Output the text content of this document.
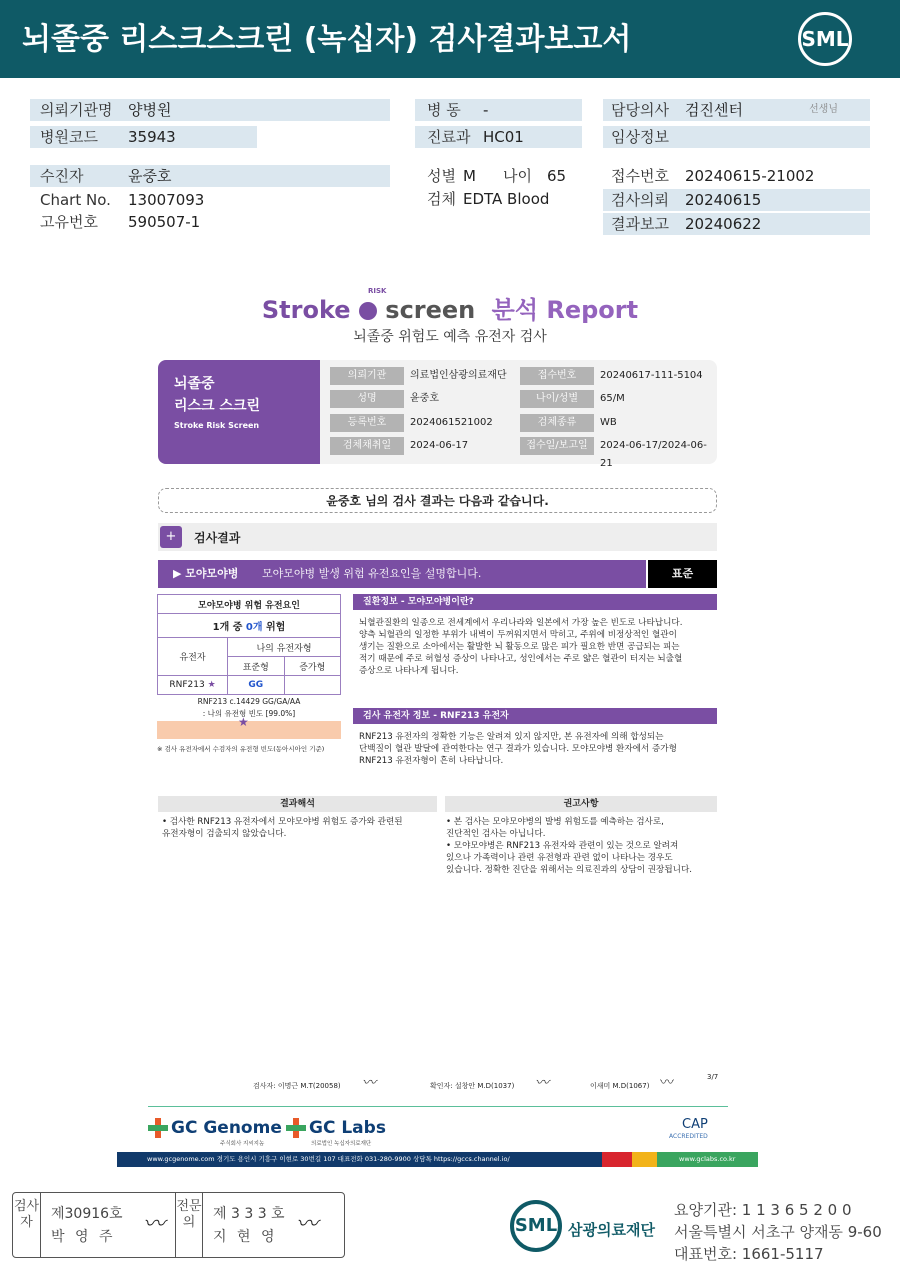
뇌졸중 리스크스크린 (녹십자) 검사결과보고서	SML
의뢰기관명 양병원
병원코드 35943
수진자	윤중호
Chart No. 13007093
고유번호 590507-1
병 동 -
진료과 HC01
성별 M 나이 65
검체 EDTA Blood
담당의사 검진센터	선생님
임상정보
접수번호 20240615-21002
검사의뢰 20240615
결과보고 20240622
Stroke screen 분석 Report
RISK
뇌졸중 위험도 예측 유전자 검사
뇌졸중
리스크 스크린
Stroke Risk Screen
의뢰기관	의료법인삼광의료재단	접수번호	20240617-111-5104
성명	윤중호	나이/성별	65/M
등록번호	2024061521002	검체종류	WB
검체채취일	2024-06-17	접수일/보고일	2024-06-17/2024-06-21
윤중호 님의 검사 결과는 다음과 같습니다.
+	검사결과
▶ 모야모야병 모야모야병 발생 위험 유전요인을 설명합니다.	표준
모야모야병 위험 유전요인		
1개 중 0개 위험		
유전자	나의 유전자형	
	표준형	증가형
RNF213 ★	GG	
RNF213 c.14429 GG/GA/AA
: 나의 유전형 빈도 [99.0%]
★
※ 검사 유전자에서 수검자의 유전형 빈도(동아시아인 기준)
질환정보 - 모야모야병이란?
뇌혈관질환의 일종으로 전세계에서 우리나라와 일본에서 가장 높은 빈도로 나타납니다.
양측 뇌혈관의 일정한 부위가 내벽이 두꺼워지면서 막히고, 주위에 비정상적인 혈관이
생기는 질환으로 소아에서는 활발한 뇌 활동으로 많은 피가 필요한 반면 공급되는 피는
적기 때문에 주로 허혈성 증상이 나타나고, 성인에서는 주로 얇은 혈관이 터지는 뇌출혈
증상으로 나타나게 됩니다.
검사 유전자 정보 - RNF213 유전자
RNF213 유전자의 정확한 기능은 알려져 있지 않지만, 본 유전자에 의해 합성되는
단백질이 혈관 발달에 관여한다는 연구 결과가 있습니다. 모야모야병 환자에서 증가형
RNF213 유전자형이 흔히 나타납니다.
결과해석
• 검사한 RNF213 유전자에서 모야모야병 위험도 증가와 관련된
유전자형이 검출되지 않았습니다.
권고사항
• 본 검사는 모야모야병의 발병 위험도를 예측하는 검사로,
진단적인 검사는 아닙니다.
• 모야모야병은 RNF213 유전자와 관련이 있는 것으로 알려져
있으나 가족력이나 관련 유전형과 관련 없이 나타나는 경우도
있습니다. 정확한 진단을 위해서는 의료진과의 상담이 권장됩니다.
검사자: 이명근 M.T(20058) 〰	확인자: 설창안 M.D(1037) 〰	이새미 M.D(1067) 〰	3/7
GC Genome
주식회사 지씨지놈
GC Labs
의료법인 녹십자의료재단
CAP
ACCREDITED
www.gcgenome.com 경기도 용인시 기흥구 이현로 30번길 107 대표전화 031-280-9900 상담톡 https://gccs.channel.io/	www.gclabs.co.kr
검사자
제30916호
박 영 주 〰
전문의
제 3 3 3 호
지 현 영 〰	SML 삼광의료재단
요양기관: 1 1 3 6 5 2 0 0
서울특별시 서초구 양재동 9-60
대표번호: 1661-5117
